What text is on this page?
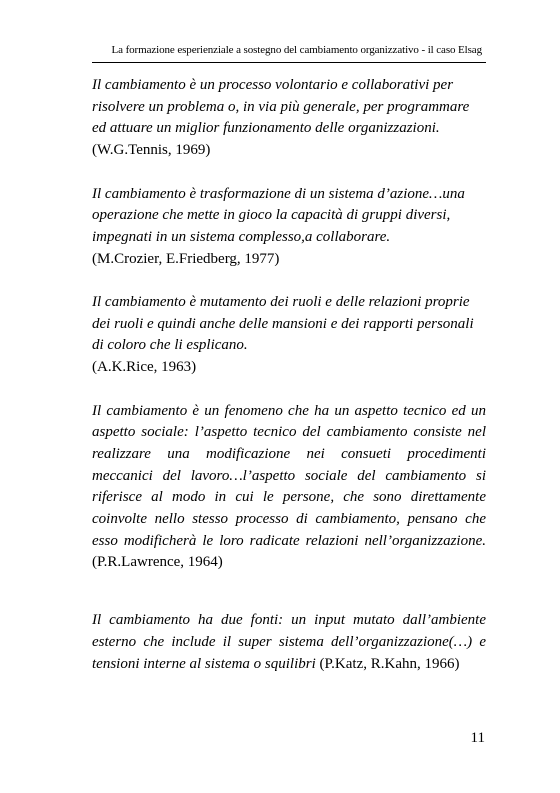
La formazione esperienziale a sostegno del cambiamento organizzativo - il caso Elsag

Il cambiamento è un processo volontario e collaborativi per risolvere un problema o, in via più generale, per programmare ed attuare un miglior funzionamento delle organizzazioni.
(W.G.Tennis, 1969)

Il cambiamento è trasformazione di un sistema d’azione…una operazione che mette in gioco la capacità di gruppi diversi, impegnati in un sistema complesso,a collaborare.
(M.Crozier, E.Friedberg, 1977)

Il cambiamento è mutamento dei ruoli e delle relazioni proprie dei ruoli e quindi anche delle mansioni e dei rapporti personali di coloro che li esplicano.
(A.K.Rice, 1963)

Il cambiamento è un fenomeno che ha un aspetto tecnico ed un aspetto sociale: l’aspetto tecnico del cambiamento consiste nel realizzare una modificazione nei consueti procedimenti meccanici del lavoro…l’aspetto sociale del cambiamento si riferisce al modo in cui le persone, che sono direttamente coinvolte nello stesso processo di cambiamento, pensano che esso modificherà le loro radicate relazioni nell’organizzazione. (P.R.Lawrence, 1964)

Il cambiamento ha due fonti: un input mutato dall’ambiente esterno che include il super sistema dell’organizzazione(…) e tensioni interne al sistema o squilibri (P.Katz, R.Kahn, 1966)

11
